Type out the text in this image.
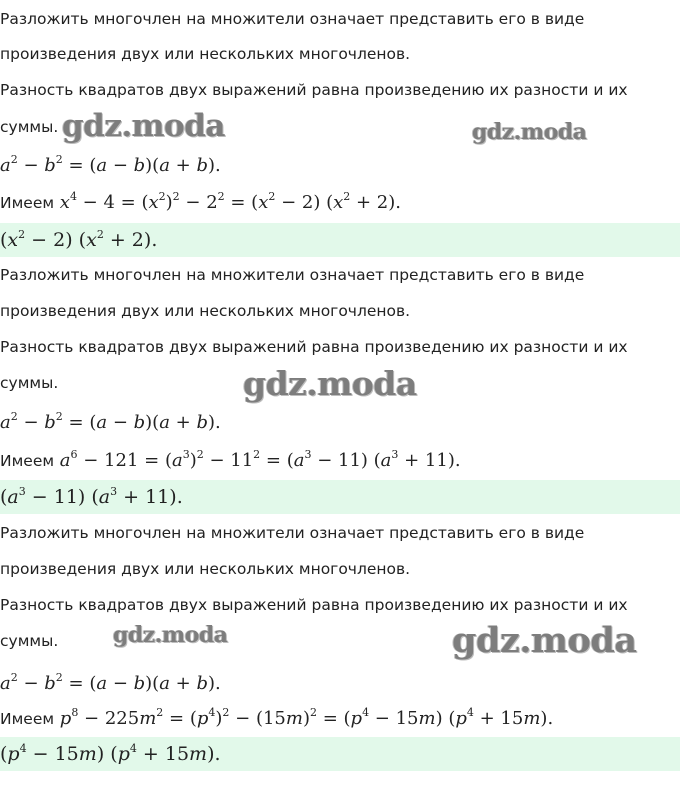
Разложить многочлен на множители означает представить его в виде
произведения двух или нескольких многочленов.
Разность квадратов двух выражений равна произведению их разности и их
суммы. gdz.moda	gdz.moda
$a^2 - b^2 = (a - b)(a + b)$.
Имеем $x^4 - 4 = (x^2)^2 - 2^2 = (x^2 - 2) (x^2 + 2)$.
$(x^2 - 2) (x^2 + 2)$.
Разложить многочлен на множители означает представить его в виде
произведения двух или нескольких многочленов.
Разность квадратов двух выражений равна произведению их разности и их
суммы.	gdz.moda
$a^2 - b^2 = (a - b)(a + b)$.
Имеем $a^6 - 121 = (a^3)^2 - 11^2 = (a^3 - 11) (a^3 + 11)$.
$(a^3 - 11) (a^3 + 11)$.
Разложить многочлен на множители означает представить его в виде
произведения двух или нескольких многочленов.
Разность квадратов двух выражений равна произведению их разности и их
суммы. gdz.moda	gdz.moda
$a^2 - b^2 = (a - b)(a + b)$.
Имеем $p^8 - 225m^2 = (p^4)^2 - (15m)^2 = (p^4 - 15m) (p^4 + 15m)$.
$(p^4 - 15m) (p^4 + 15m)$.
